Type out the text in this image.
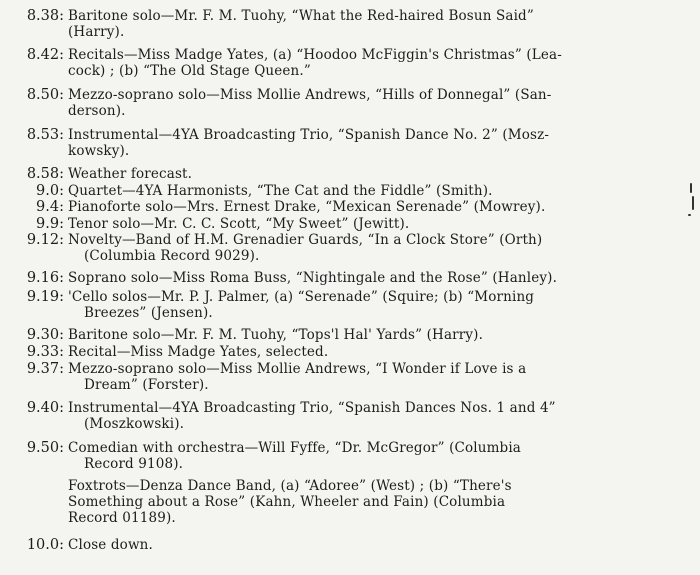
8.38: Baritone solo—Mr. F. M. Tuohy, “What the Red-haired Bosun Said”
(Harry).
8.42: Recitals—Miss Madge Yates, (a) “Hoodoo McFiggin's Christmas” (Lea-
cock) ; (b) “The Old Stage Queen.”
8.50: Mezzo-soprano solo—Miss Mollie Andrews, “Hills of Donnegal” (San-
derson).
8.53: Instrumental—4YA Broadcasting Trio, “Spanish Dance No. 2” (Mosz-
kowsky).
8.58: Weather forecast.
9.0: Quartet—4YA Harmonists, “The Cat and the Fiddle” (Smith).
9.4: Pianoforte solo—Mrs. Ernest Drake, “Mexican Serenade” (Mowrey).
9.9: Tenor solo—Mr. C. C. Scott, “My Sweet” (Jewitt).
9.12: Novelty—Band of H.M. Grenadier Guards, “In a Clock Store” (Orth)
(Columbia Record 9029).
9.16: Soprano solo—Miss Roma Buss, “Nightingale and the Rose” (Hanley).
9.19: 'Cello solos—Mr. P. J. Palmer, (a) “Serenade” (Squire; (b) “Morning
Breezes” (Jensen).
9.30: Baritone solo—Mr. F. M. Tuohy, “Tops'l Hal' Yards” (Harry).
9.33: Recital—Miss Madge Yates, selected.
9.37: Mezzo-soprano solo—Miss Mollie Andrews, “I Wonder if Love is a
Dream” (Forster).
9.40: Instrumental—4YA Broadcasting Trio, “Spanish Dances Nos. 1 and 4”
(Moszkowski).
9.50: Comedian with orchestra—Will Fyffe, “Dr. McGregor” (Columbia
Record 9108).
Foxtrots—Denza Dance Band, (a) “Adoree” (West) ; (b) “There's
Something about a Rose” (Kahn, Wheeler and Fain) (Columbia
Record 01189).
10.0: Close down.
